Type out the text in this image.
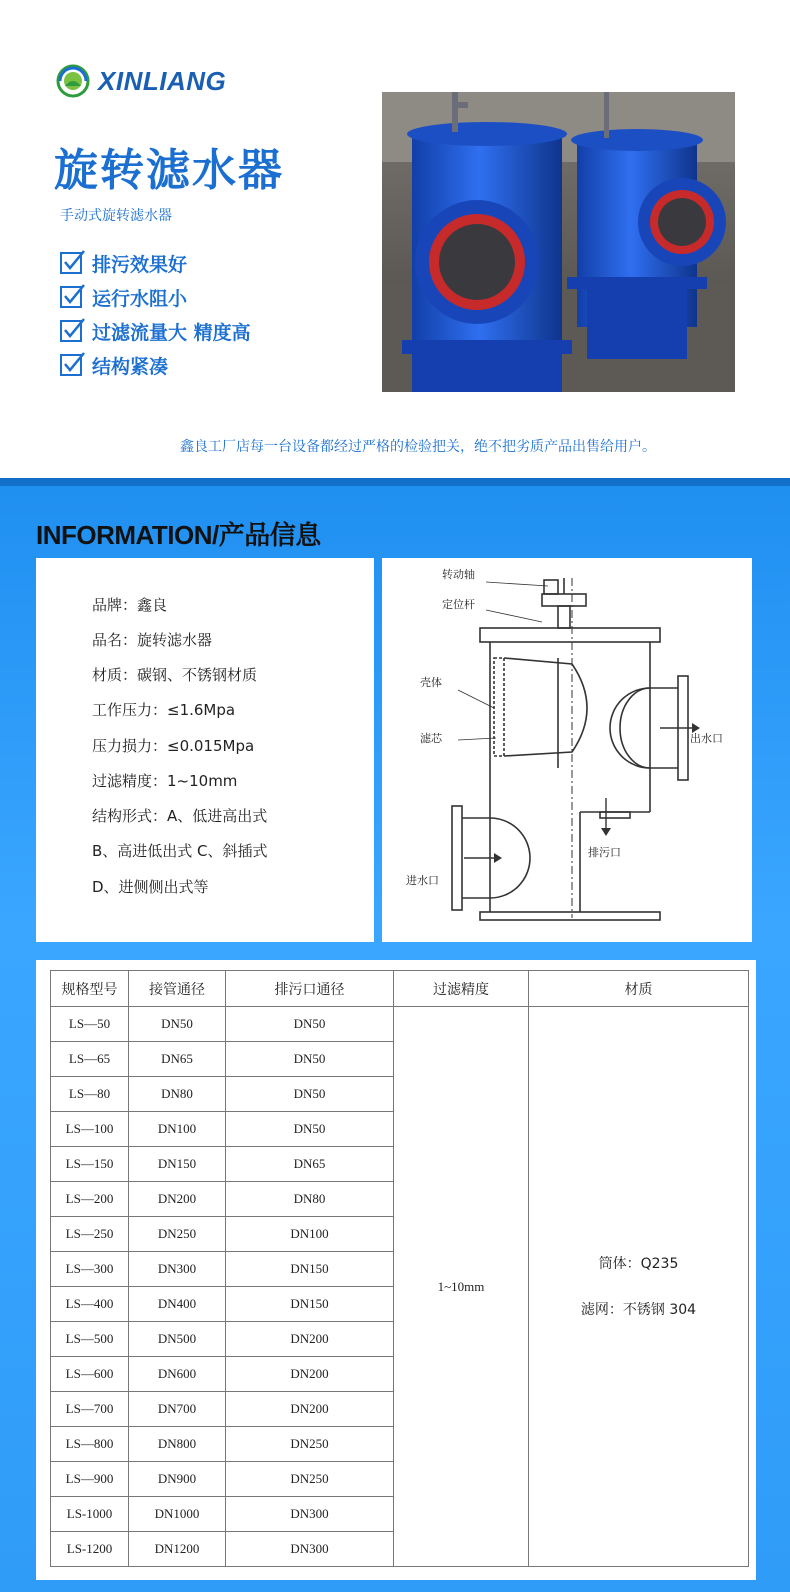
XINLIANG
旋转滤水器
手动式旋转滤水器
排污效果好
运行水阻小
过滤流量大 精度高
结构紧凑
鑫良工厂店每一台设备都经过严格的检验把关，绝不把劣质产品出售给用户。
INFORMATION/产品信息
品牌：鑫良
品名：旋转滤水器
材质：碳钢、不锈钢材质
工作压力：≤1.6Mpa
压力损力：≤0.015Mpa
过滤精度：1~10mm
结构形式：A、低进高出式
B、高进低出式 C、斜插式
D、进侧侧出式等
转动轴
定位杆
壳体
滤芯	出水口
排污口
进水口
规格型号	接管通径	排污口通径	过滤精度	材质
LS—50	DN50	DN50	1~10mm	筒体：Q235
滤网：不锈钢 304

LS—65	DN65	DN50		
LS—80	DN80	DN50		
LS—100	DN100	DN50		
LS—150	DN150	DN65		
LS—200	DN200	DN80		
LS—250	DN250	DN100		
LS—300	DN300	DN150		
LS—400	DN400	DN150		
LS—500	DN500	DN200		
LS—600	DN600	DN200		
LS—700	DN700	DN200		
LS—800	DN800	DN250		
LS—900	DN900	DN250		
LS-1000	DN1000	DN300		
LS-1200	DN1200	DN300		
